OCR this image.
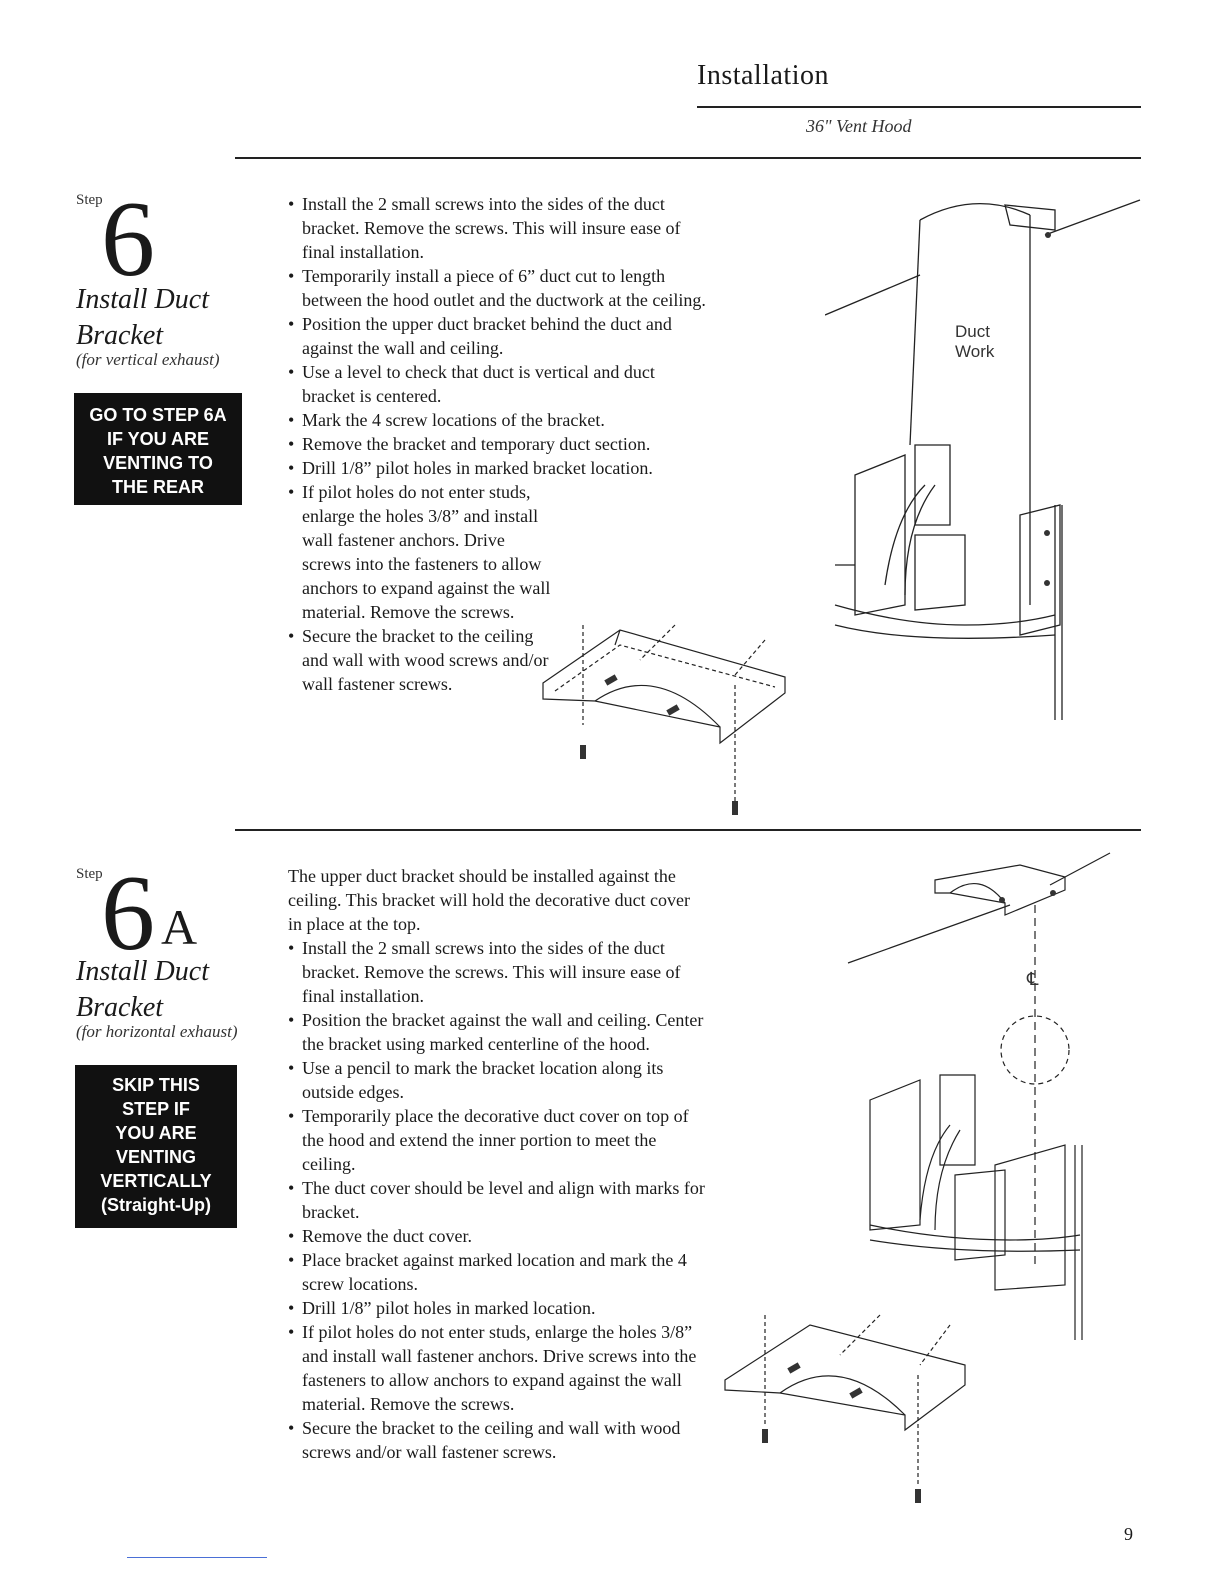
Installation
36" Vent Hood
Step
6
Install Duct
Bracket
(for vertical exhaust)
GO TO STEP 6A
IF YOU ARE
VENTING TO
THE REAR
• Install the 2 small screws into the sides of the duct bracket. Remove the screws. This will insure ease of final installation.
• Temporarily install a piece of 6” duct cut to length between the hood outlet and the ductwork at the ceiling.
• Position the upper duct bracket behind the duct and against the wall and ceiling.
• Use a level to check that duct is vertical and duct bracket is centered.
• Mark the 4 screw locations of the bracket.
• Remove the bracket and temporary duct section.
• Drill 1/8” pilot holes in marked bracket location.
• If pilot holes do not enter studs, enlarge the holes 3/8” and install wall fastener anchors. Drive screws into the fasteners to allow anchors to expand against the wall material. Remove the screws.
• Secure the bracket to the ceiling and wall with wood screws and/or wall fastener screws.
Duct
Work
Step
6 A
Install Duct
Bracket
(for horizontal exhaust)
SKIP THIS
STEP IF
YOU ARE
VENTING
VERTICALLY
(Straight-Up)
The upper duct bracket should be installed against the ceiling. This bracket will hold the decorative duct cover in place at the top.
• Install the 2 small screws into the sides of the duct bracket. Remove the screws. This will insure ease of final installation.
• Position the bracket against the wall and ceiling. Center the bracket using marked centerline of the hood.
• Use a pencil to mark the bracket location along its outside edges.
• Temporarily place the decorative duct cover on top of the hood and extend the inner portion to meet the ceiling.
• The duct cover should be level and align with marks for bracket.
• Remove the duct cover.
• Place bracket against marked location and mark the 4 screw locations.
• Drill 1/8” pilot holes in marked location.
• If pilot holes do not enter studs, enlarge the holes 3/8” and install wall fastener anchors. Drive screws into the fasteners to allow anchors to expand against the wall material. Remove the screws.
• Secure the bracket to the ceiling and wall with wood screws and/or wall fastener screws.
℄
9
